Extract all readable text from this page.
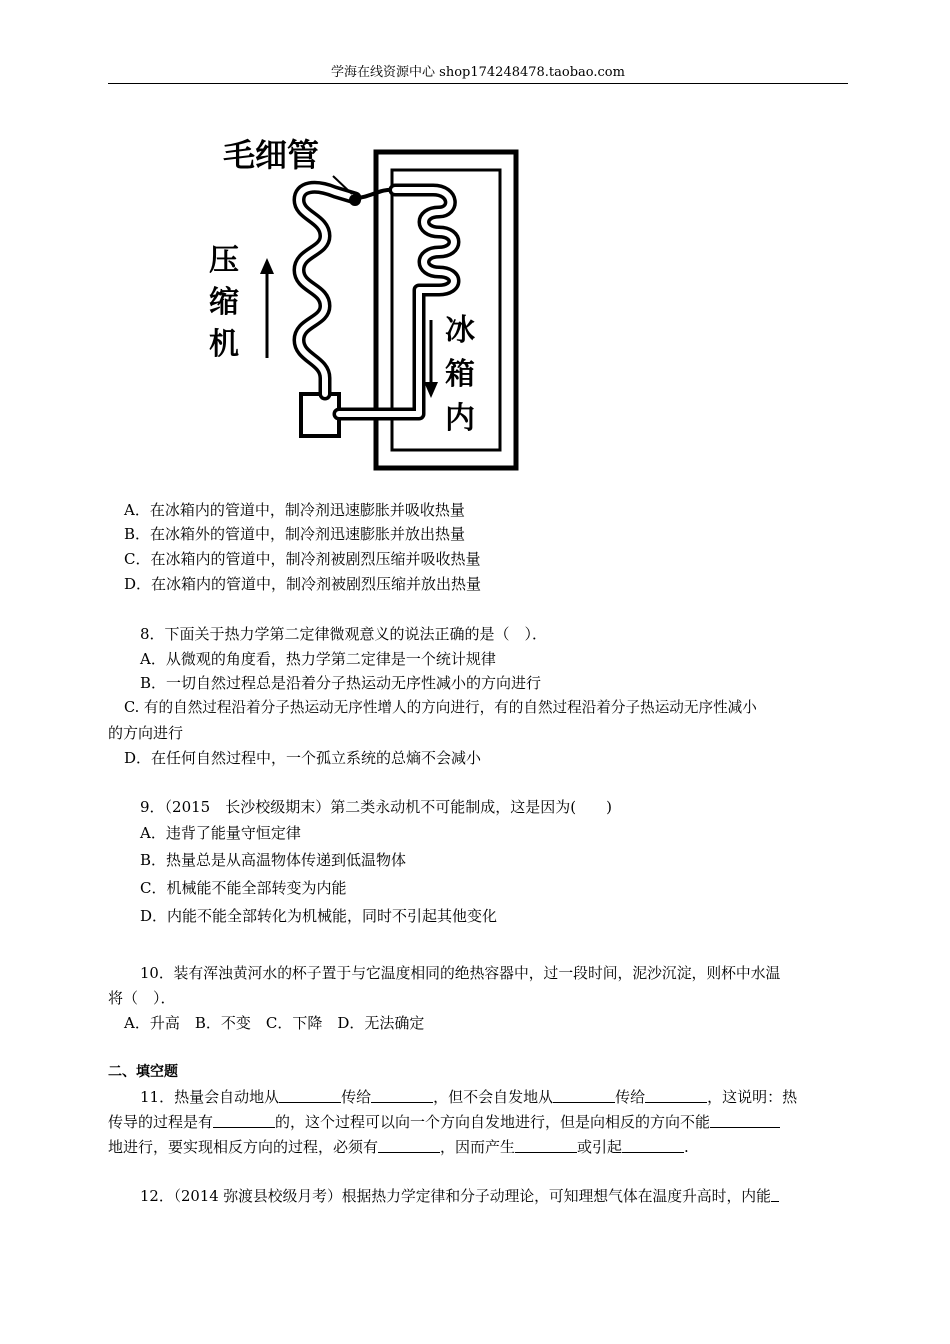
学海在线资源中心 shop174248478.taobao.com
毛细管
压
缩
机	冰
箱
内
A．在冰箱内的管道中，制冷剂迅速膨胀并吸收热量
B．在冰箱外的管道中，制冷剂迅速膨胀并放出热量
C．在冰箱内的管道中，制冷剂被剧烈压缩并吸收热量
D．在冰箱内的管道中，制冷剂被剧烈压缩并放出热量
8．下面关于热力学第二定律微观意义的说法正确的是（　）．
A．从微观的角度看，热力学第二定律是一个统计规律
B．一切自然过程总是沿着分子热运动无序性减小的方向进行
C. 有的自然过程沿着分子热运动无序性增人的方向进行，有的自然过程沿着分子热运动无序性减小
的方向进行
D．在任何自然过程中，一个孤立系统的总熵不会减小
9．（2015　长沙校级期末）第二类永动机不可能制成，这是因为(　　)
A．违背了能量守恒定律
B．热量总是从高温物体传递到低温物体
C．机械能不能全部转变为内能
D．内能不能全部转化为机械能，同时不引起其他变化
10．装有浑浊黄河水的杯子置于与它温度相同的绝热容器中，过一段时间，泥沙沉淀，则杯中水温
将（　）．
A．升高　B．不变　C．下降　D．无法确定
二、填空题
11．热量会自动地从	传给	，但不会自发地从	传给	，这说明：热
传导的过程是有	的，这个过程可以向一个方向自发地进行，但是向相反的方向不能
地进行，要实现相反方向的过程，必须有	，因而产生	或引起	.
12．（2014 弥渡县校级月考）根据热力学定律和分子动理论，可知理想气体在温度升高时，内能
